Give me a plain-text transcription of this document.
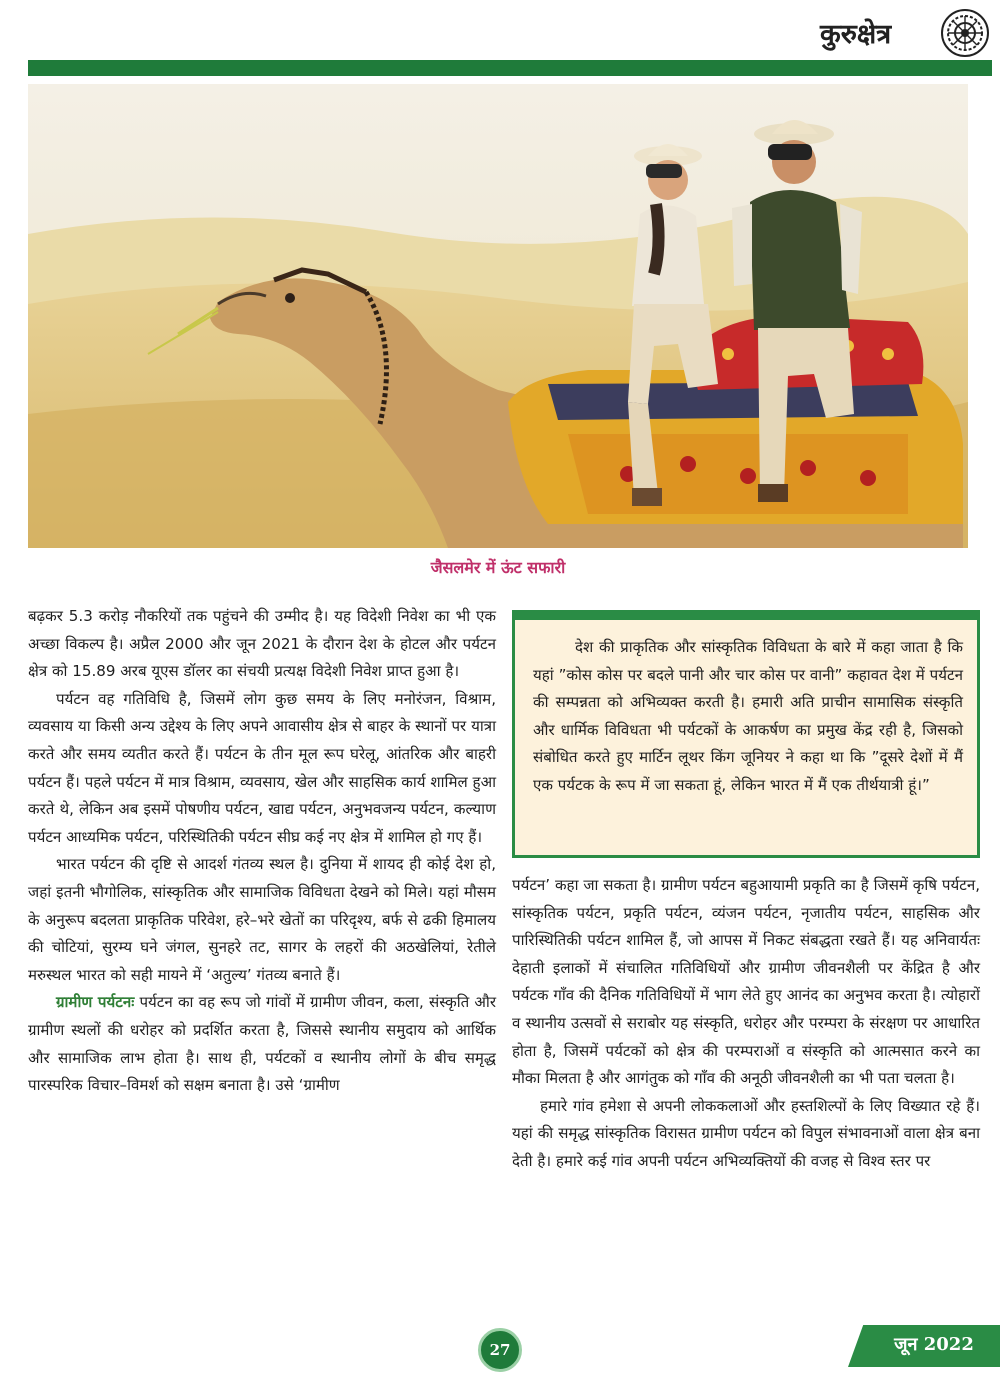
कुरुक्षेत्र
जैसलमेर में ऊंट सफारी

बढ़कर 5.3 करोड़ नौकरियों तक पहुंचने की उम्मीद है। यह विदेशी निवेश का भी एक अच्छा विकल्प है। अप्रैल 2000 और जून 2021 के दौरान देश के होटल और पर्यटन क्षेत्र को 15.89 अरब यूएस डॉलर का संचयी प्रत्यक्ष विदेशी निवेश प्राप्त हुआ है।

पर्यटन वह गतिविधि है, जिसमें लोग कुछ समय के लिए मनोरंजन, विश्राम, व्यवसाय या किसी अन्य उद्देश्य के लिए अपने आवासीय क्षेत्र से बाहर के स्थानों पर यात्रा करते और समय व्यतीत करते हैं। पर्यटन के तीन मूल रूप घरेलू, आंतरिक और बाहरी पर्यटन हैं। पहले पर्यटन में मात्र विश्राम, व्यवसाय, खेल और साहसिक कार्य शामिल हुआ करते थे, लेकिन अब इसमें पोषणीय पर्यटन, खाद्य पर्यटन, अनुभवजन्य पर्यटन, कल्याण पर्यटन आध्यमिक पर्यटन, परिस्थितिकी पर्यटन सीघ्र कई नए क्षेत्र में शामिल हो गए हैं।

भारत पर्यटन की दृष्टि से आदर्श गंतव्य स्थल है। दुनिया में शायद ही कोई देश हो, जहां इतनी भौगोलिक, सांस्कृतिक और सामाजिक विविधता देखने को मिले। यहां मौसम के अनुरूप बदलता प्राकृतिक परिवेश, हरे–भरे खेतों का परिदृश्य, बर्फ से ढकी हिमालय की चोटियां, सुरम्य घने जंगल, सुनहरे तट, सागर के लहरों की अठखेलियां, रेतीले मरुस्थल भारत को सही मायने में ‘अतुल्य’ गंतव्य बनाते हैं।

ग्रामीण पर्यटनः पर्यटन का वह रूप जो गांवों में ग्रामीण जीवन, कला, संस्कृति और ग्रामीण स्थलों की धरोहर को प्रदर्शित करता है, जिससे स्थानीय समुदाय को आर्थिक और सामाजिक लाभ होता है। साथ ही, पर्यटकों व स्थानीय लोगों के बीच समृद्ध पारस्परिक विचार–विमर्श को सक्षम बनाता है। उसे ‘ग्रामीण

देश की प्राकृतिक और सांस्कृतिक विविधता के बारे में कहा जाता है कि यहां ”कोस कोस पर बदले पानी और चार कोस पर वानी” कहावत देश में पर्यटन की सम्पन्नता को अभिव्यक्त करती है। हमारी अति प्राचीन सामासिक संस्कृति और धार्मिक विविधता भी पर्यटकों के आकर्षण का प्रमुख केंद्र रही है, जिसको संबोधित करते हुए मार्टिन लूथर किंग जूनियर ने कहा था कि ”दूसरे देशों में मैं एक पर्यटक के रूप में जा सकता हूं, लेकिन भारत में मैं एक तीर्थयात्री हूं।”

पर्यटन’ कहा जा सकता है। ग्रामीण पर्यटन बहुआयामी प्रकृति का है जिसमें कृषि पर्यटन, सांस्कृतिक पर्यटन, प्रकृति पर्यटन, व्यंजन पर्यटन, नृजातीय पर्यटन, साहसिक और पारिस्थितिकी पर्यटन शामिल हैं, जो आपस में निकट संबद्धता रखते हैं। यह अनिवार्यतः देहाती इलाकों में संचालित गतिविधियों और ग्रामीण जीवनशैली पर केंद्रित है और पर्यटक गाँव की दैनिक गतिविधियों में भाग लेते हुए आनंद का अनुभव करता है। त्योहारों व स्थानीय उत्सवों से सराबोर यह संस्कृति, धरोहर और परम्परा के संरक्षण पर आधारित होता है, जिसमें पर्यटकों को क्षेत्र की परम्पराओं व संस्कृति को आत्मसात करने का मौका मिलता है और आगंतुक को गाँव की अनूठी जीवनशैली का भी पता चलता है।

हमारे गांव हमेशा से अपनी लोककलाओं और हस्तशिल्पों के लिए विख्यात रहे हैं। यहां की समृद्ध सांस्कृतिक विरासत ग्रामीण पर्यटन को विपुल संभावनाओं वाला क्षेत्र बना देती है। हमारे कई गांव अपनी पर्यटन अभिव्यक्तियों की वजह से विश्व स्तर पर

27	जून 2022
